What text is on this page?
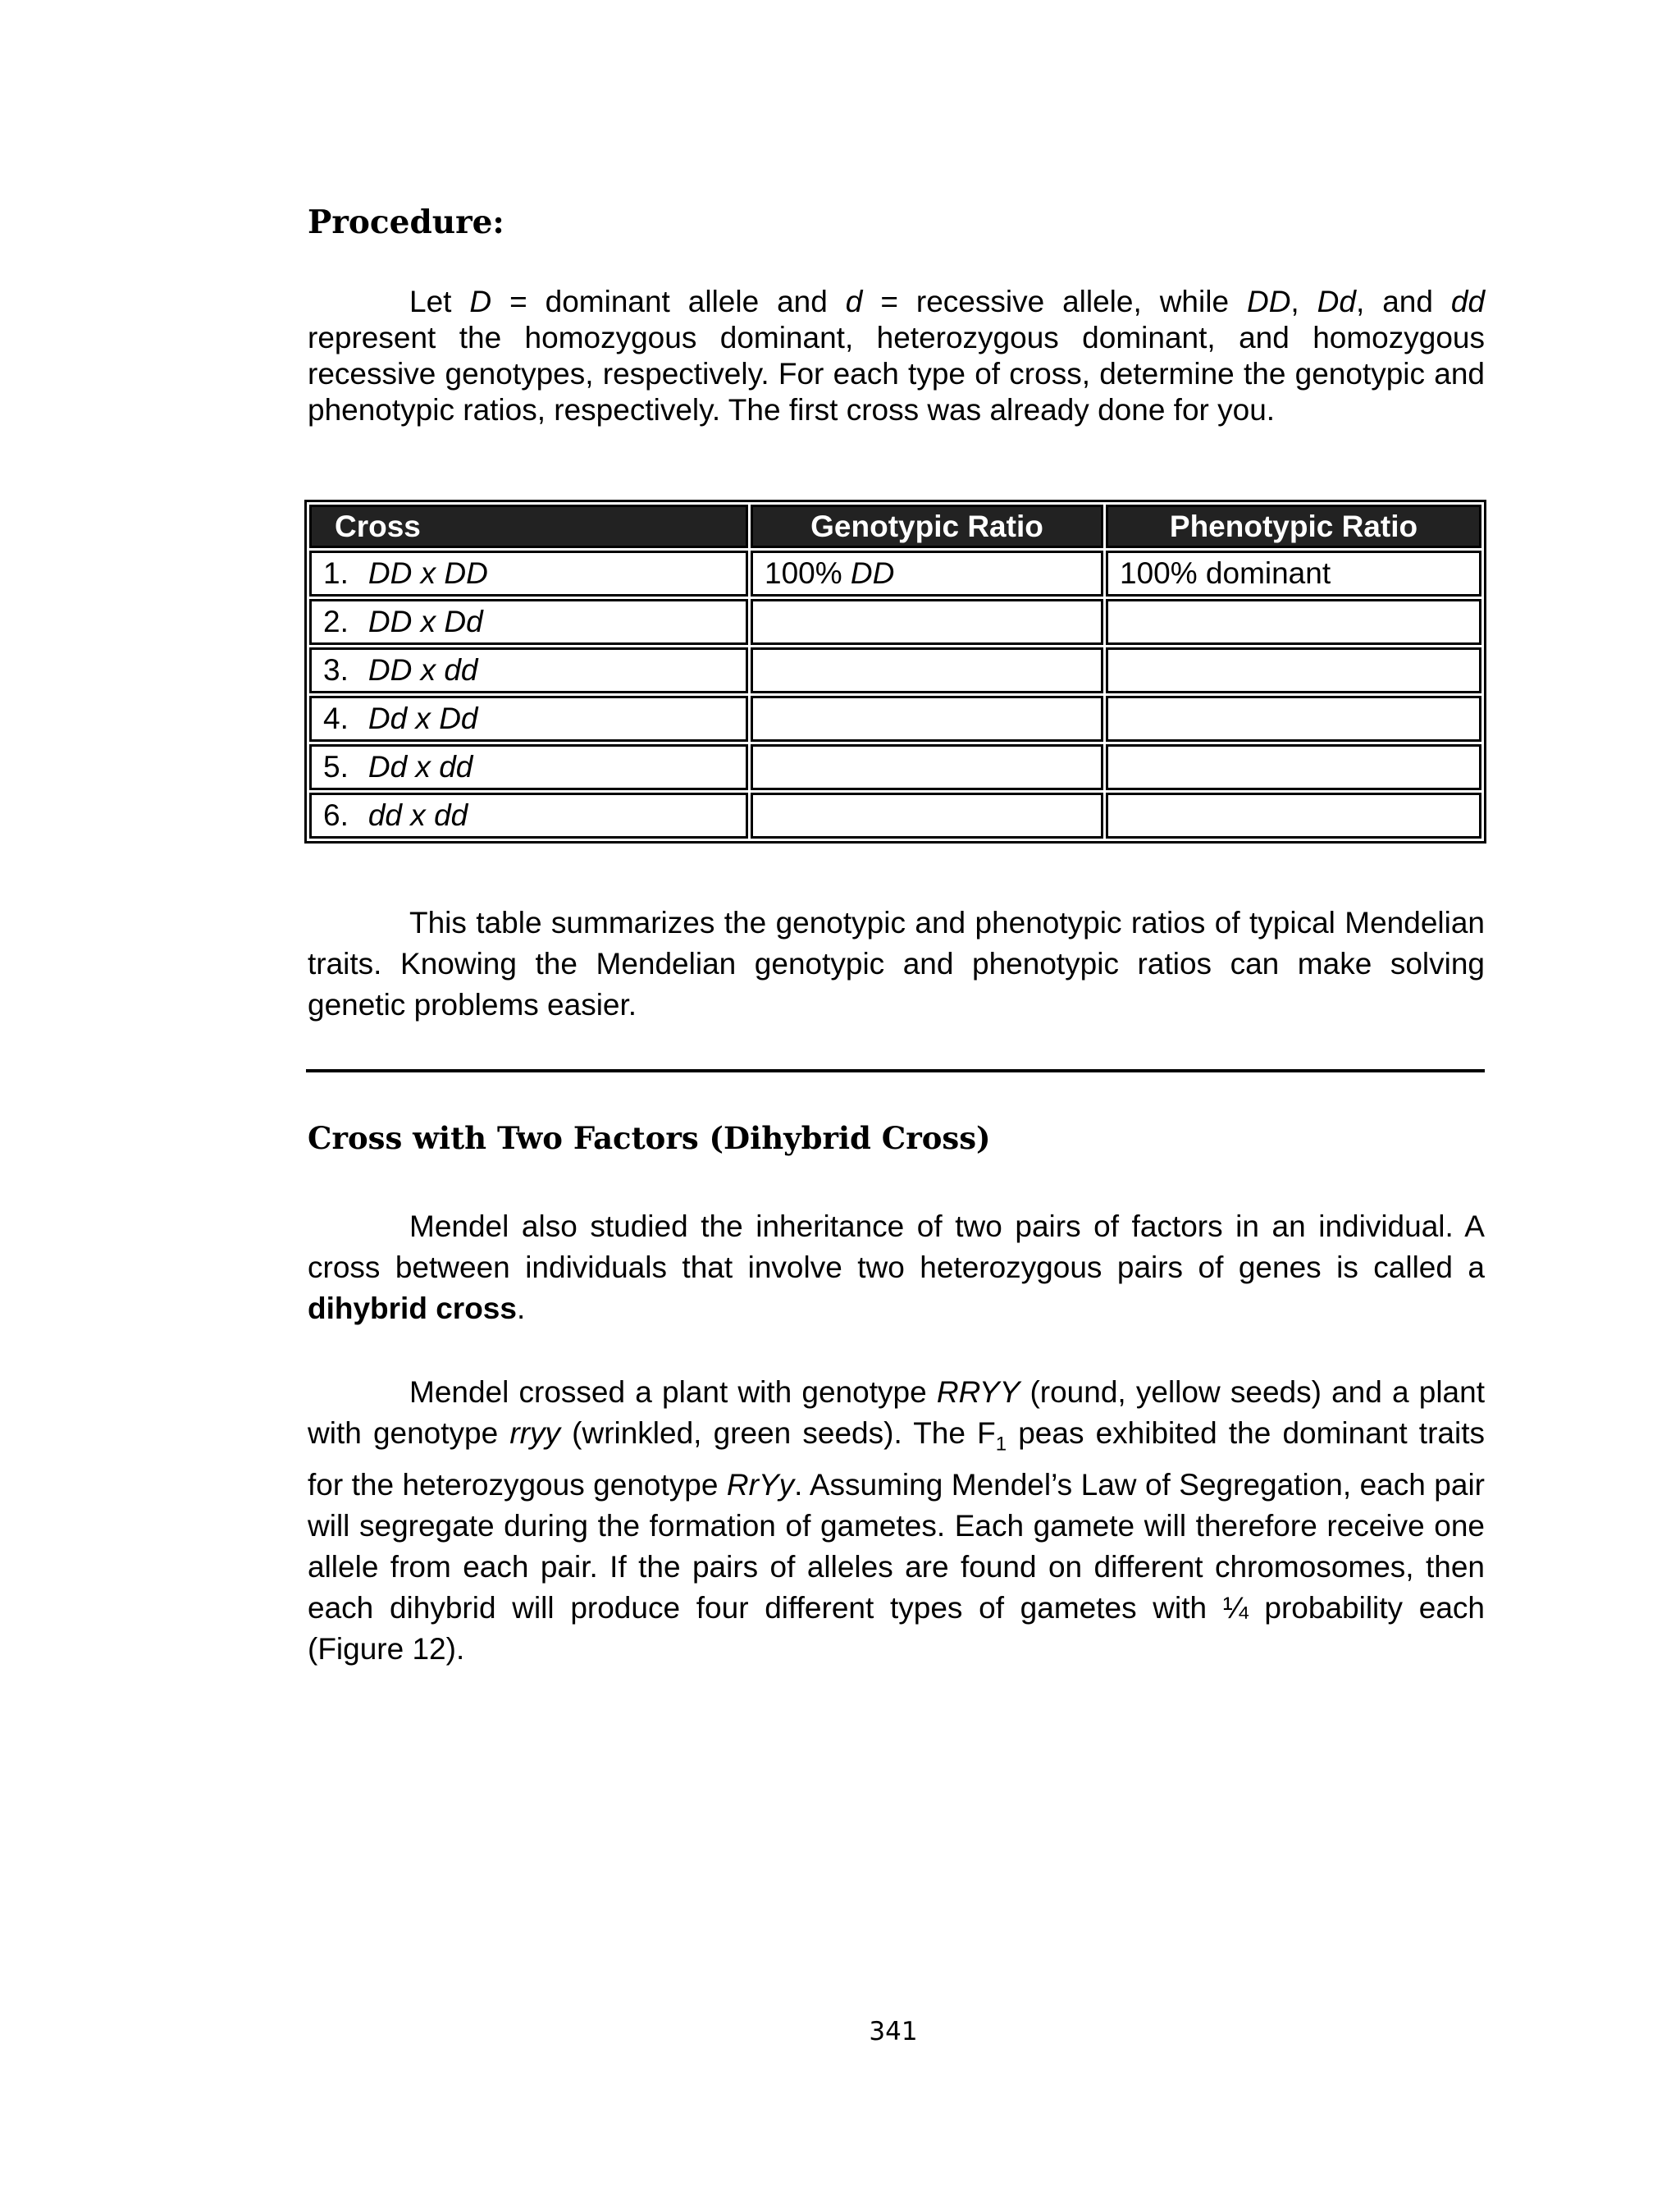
Procedure:

Let D = dominant allele and d = recessive allele, while DD, Dd, and dd represent the homozygous dominant, heterozygous dominant, and homozygous recessive genotypes, respectively. For each type of cross, determine the genotypic and phenotypic ratios, respectively. The first cross was already done for you.

Cross	Genotypic Ratio	Phenotypic Ratio
1. DD x DD	100% DD	100% dominant
2. DD x Dd		
3. DD x dd		
4. Dd x Dd		
5. Dd x dd		
6. dd x dd		

This table summarizes the genotypic and phenotypic ratios of typical Mendelian traits. Knowing the Mendelian genotypic and phenotypic ratios can make solving genetic problems easier.

Cross with Two Factors (Dihybrid Cross)

Mendel also studied the inheritance of two pairs of factors in an individual. A cross between individuals that involve two heterozygous pairs of genes is called a dihybrid cross.

Mendel crossed a plant with genotype RRYY (round, yellow seeds) and a plant with genotype rryy (wrinkled, green seeds). The $F_1$ peas exhibited the dominant traits for the heterozygous genotype RrYy. Assuming Mendel’s Law of Segregation, each pair will segregate during the formation of gametes. Each gamete will therefore receive one allele from each pair. If the pairs of alleles are found on different chromosomes, then each dihybrid will produce four different types of gametes with ¼ probability each (Figure 12).

341
